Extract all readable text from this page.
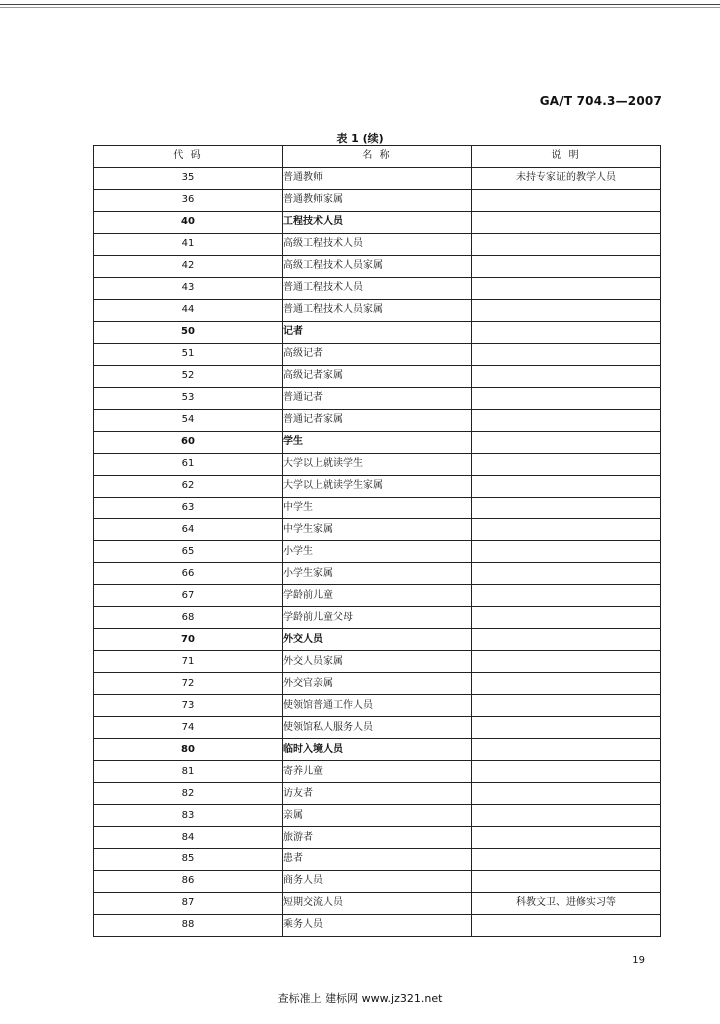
GA/T 704.3—2007
表 1 (续)
代 码	名 称	说 明
35	普通教师	未持专家证的教学人员
36	普通教师家属	
40	工程技术人员	
41	高级工程技术人员	
42	高级工程技术人员家属	
43	普通工程技术人员	
44	普通工程技术人员家属	
50	记者	
51	高级记者	
52	高级记者家属	
53	普通记者	
54	普通记者家属	
60	学生	
61	大学以上就读学生	
62	大学以上就读学生家属	
63	中学生	
64	中学生家属	
65	小学生	
66	小学生家属	
67	学龄前儿童	
68	学龄前儿童父母	
70	外交人员	
71	外交人员家属	
72	外交官亲属	
73	使领馆普通工作人员	
74	使领馆私人服务人员	
80	临时入境人员	
81	寄养儿童	
82	访友者	
83	亲属	
84	旅游者	
85	患者	
86	商务人员	
87	短期交流人员	科教文卫、进修实习等
88	乘务人员	
19
查标准上 建标网 www.jz321.net
